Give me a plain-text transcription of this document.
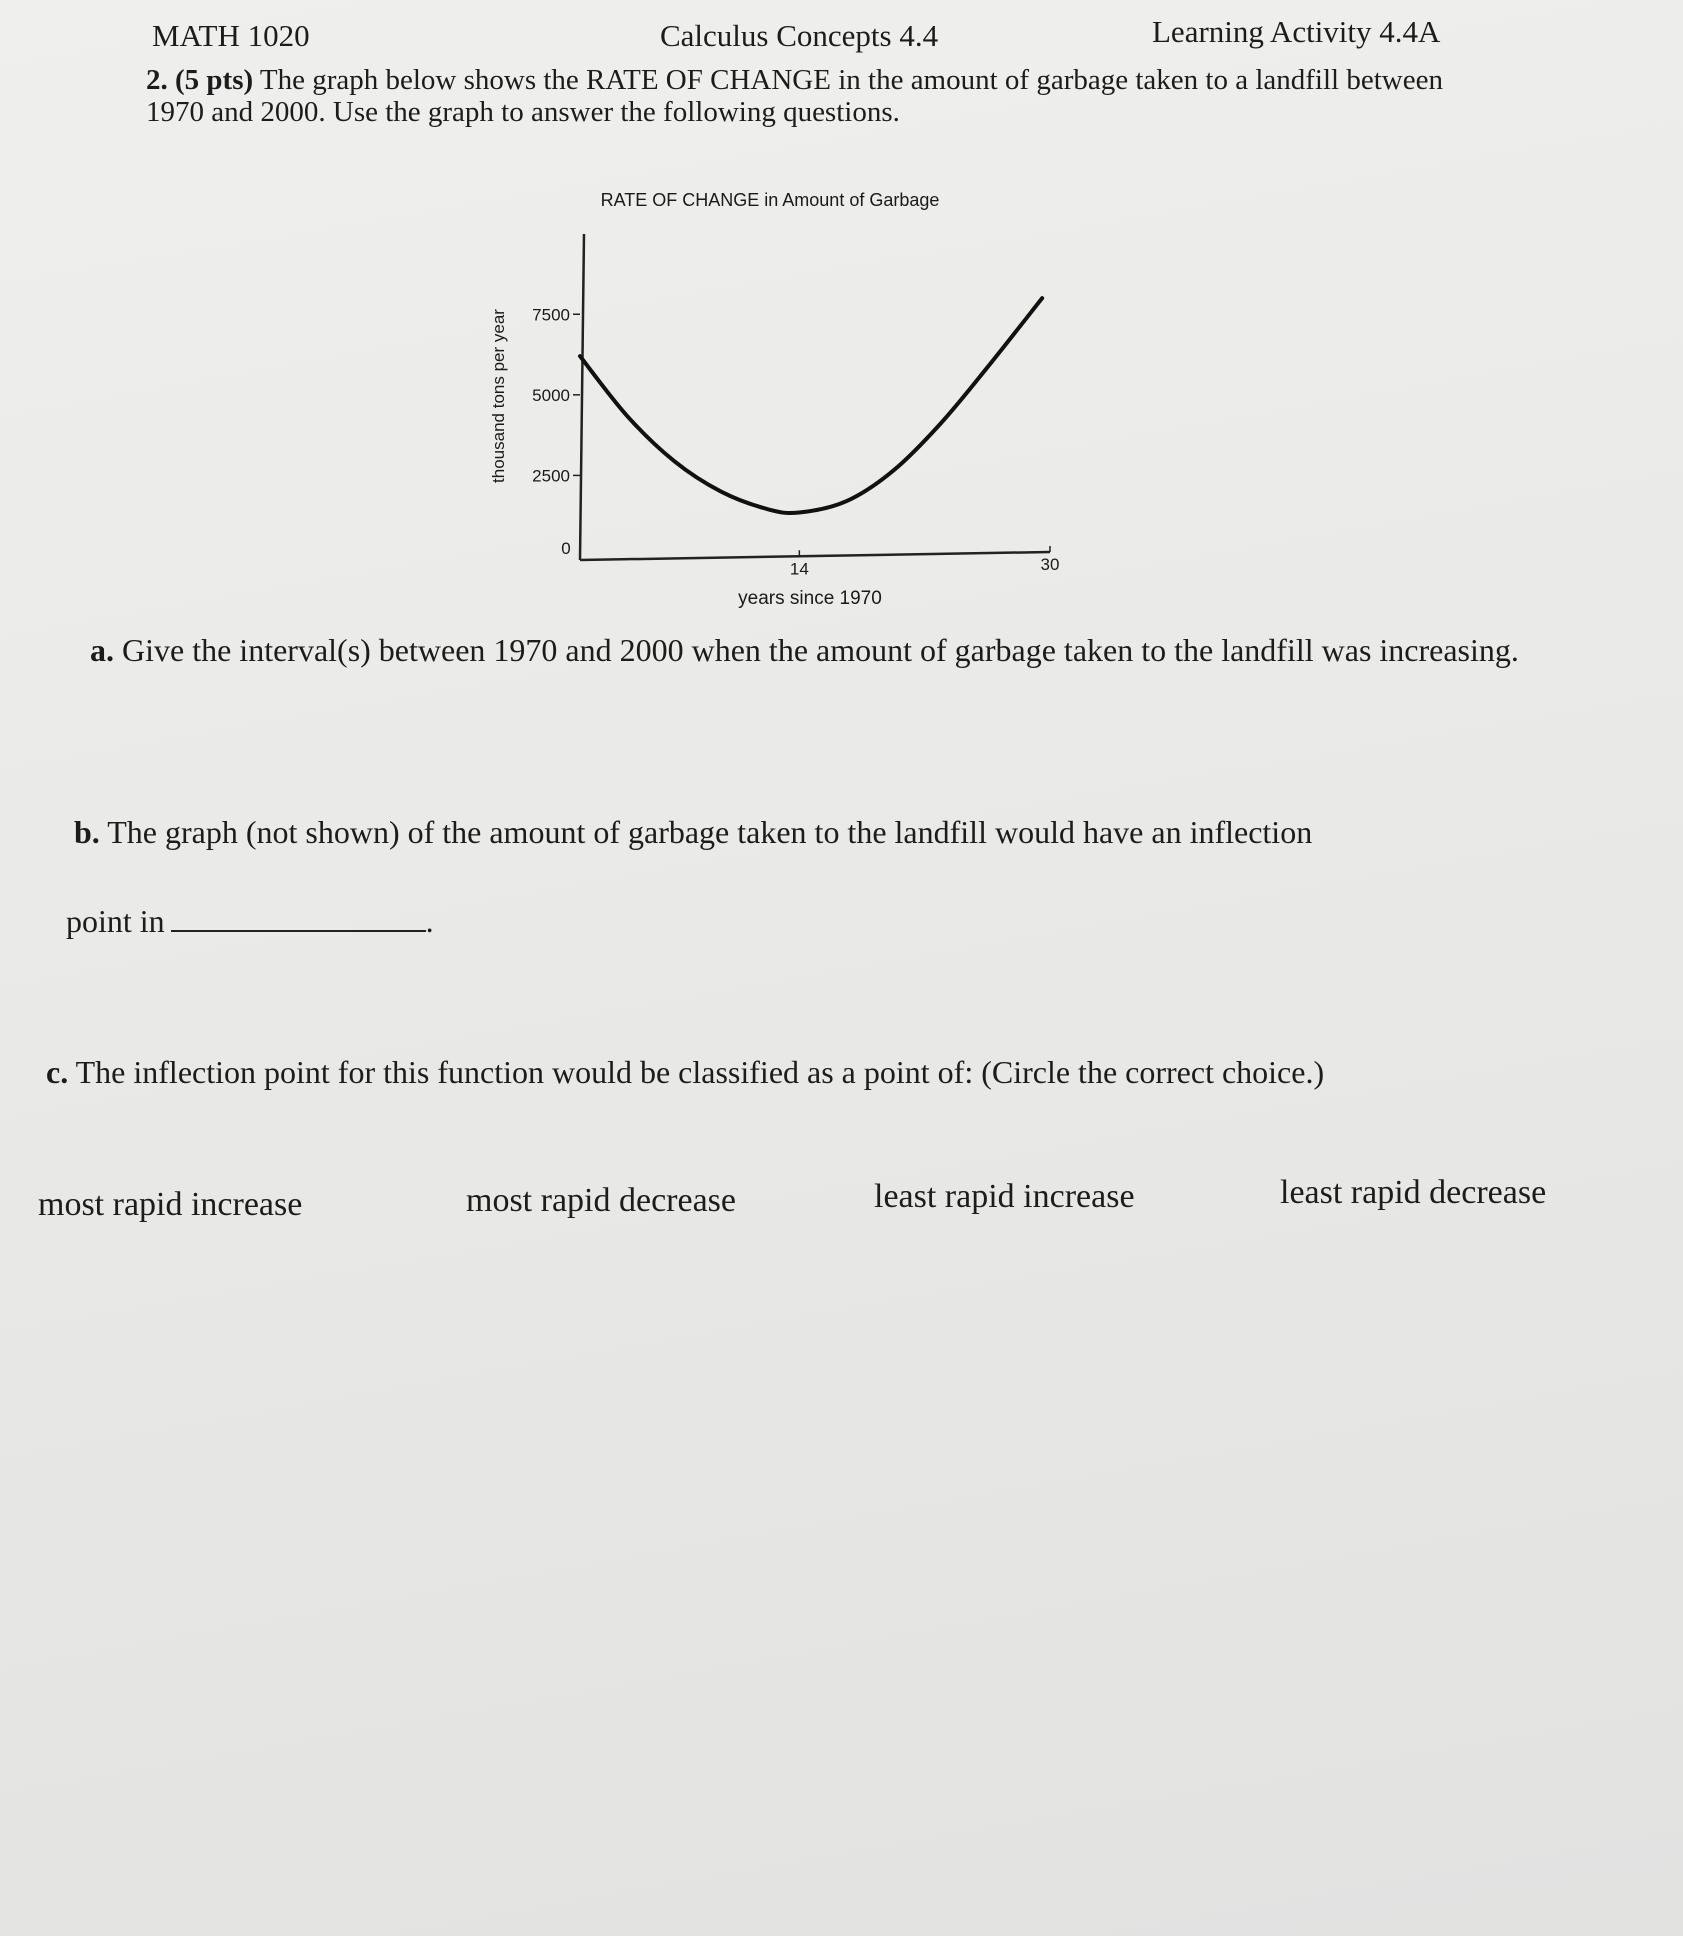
MATH 1020	Calculus Concepts 4.4	Learning Activity 4.4A
2. (5 pts) The graph below shows the RATE OF CHANGE in the amount of garbage taken to a landfill between 1970 and 2000. Use the graph to answer the following questions.
RATE OF CHANGE in Amount of Garbage
thousand tons per year
years since 1970
2500
5000
7500
0
14	30
a. Give the interval(s) between 1970 and 2000 when the amount of garbage taken to the landfill was increasing.
b. The graph (not shown) of the amount of garbage taken to the landfill would have an inflection
point in	.
c. The inflection point for this function would be classified as a point of: (Circle the correct choice.)
most rapid increase	most rapid decrease	least rapid increase	least rapid decrease
